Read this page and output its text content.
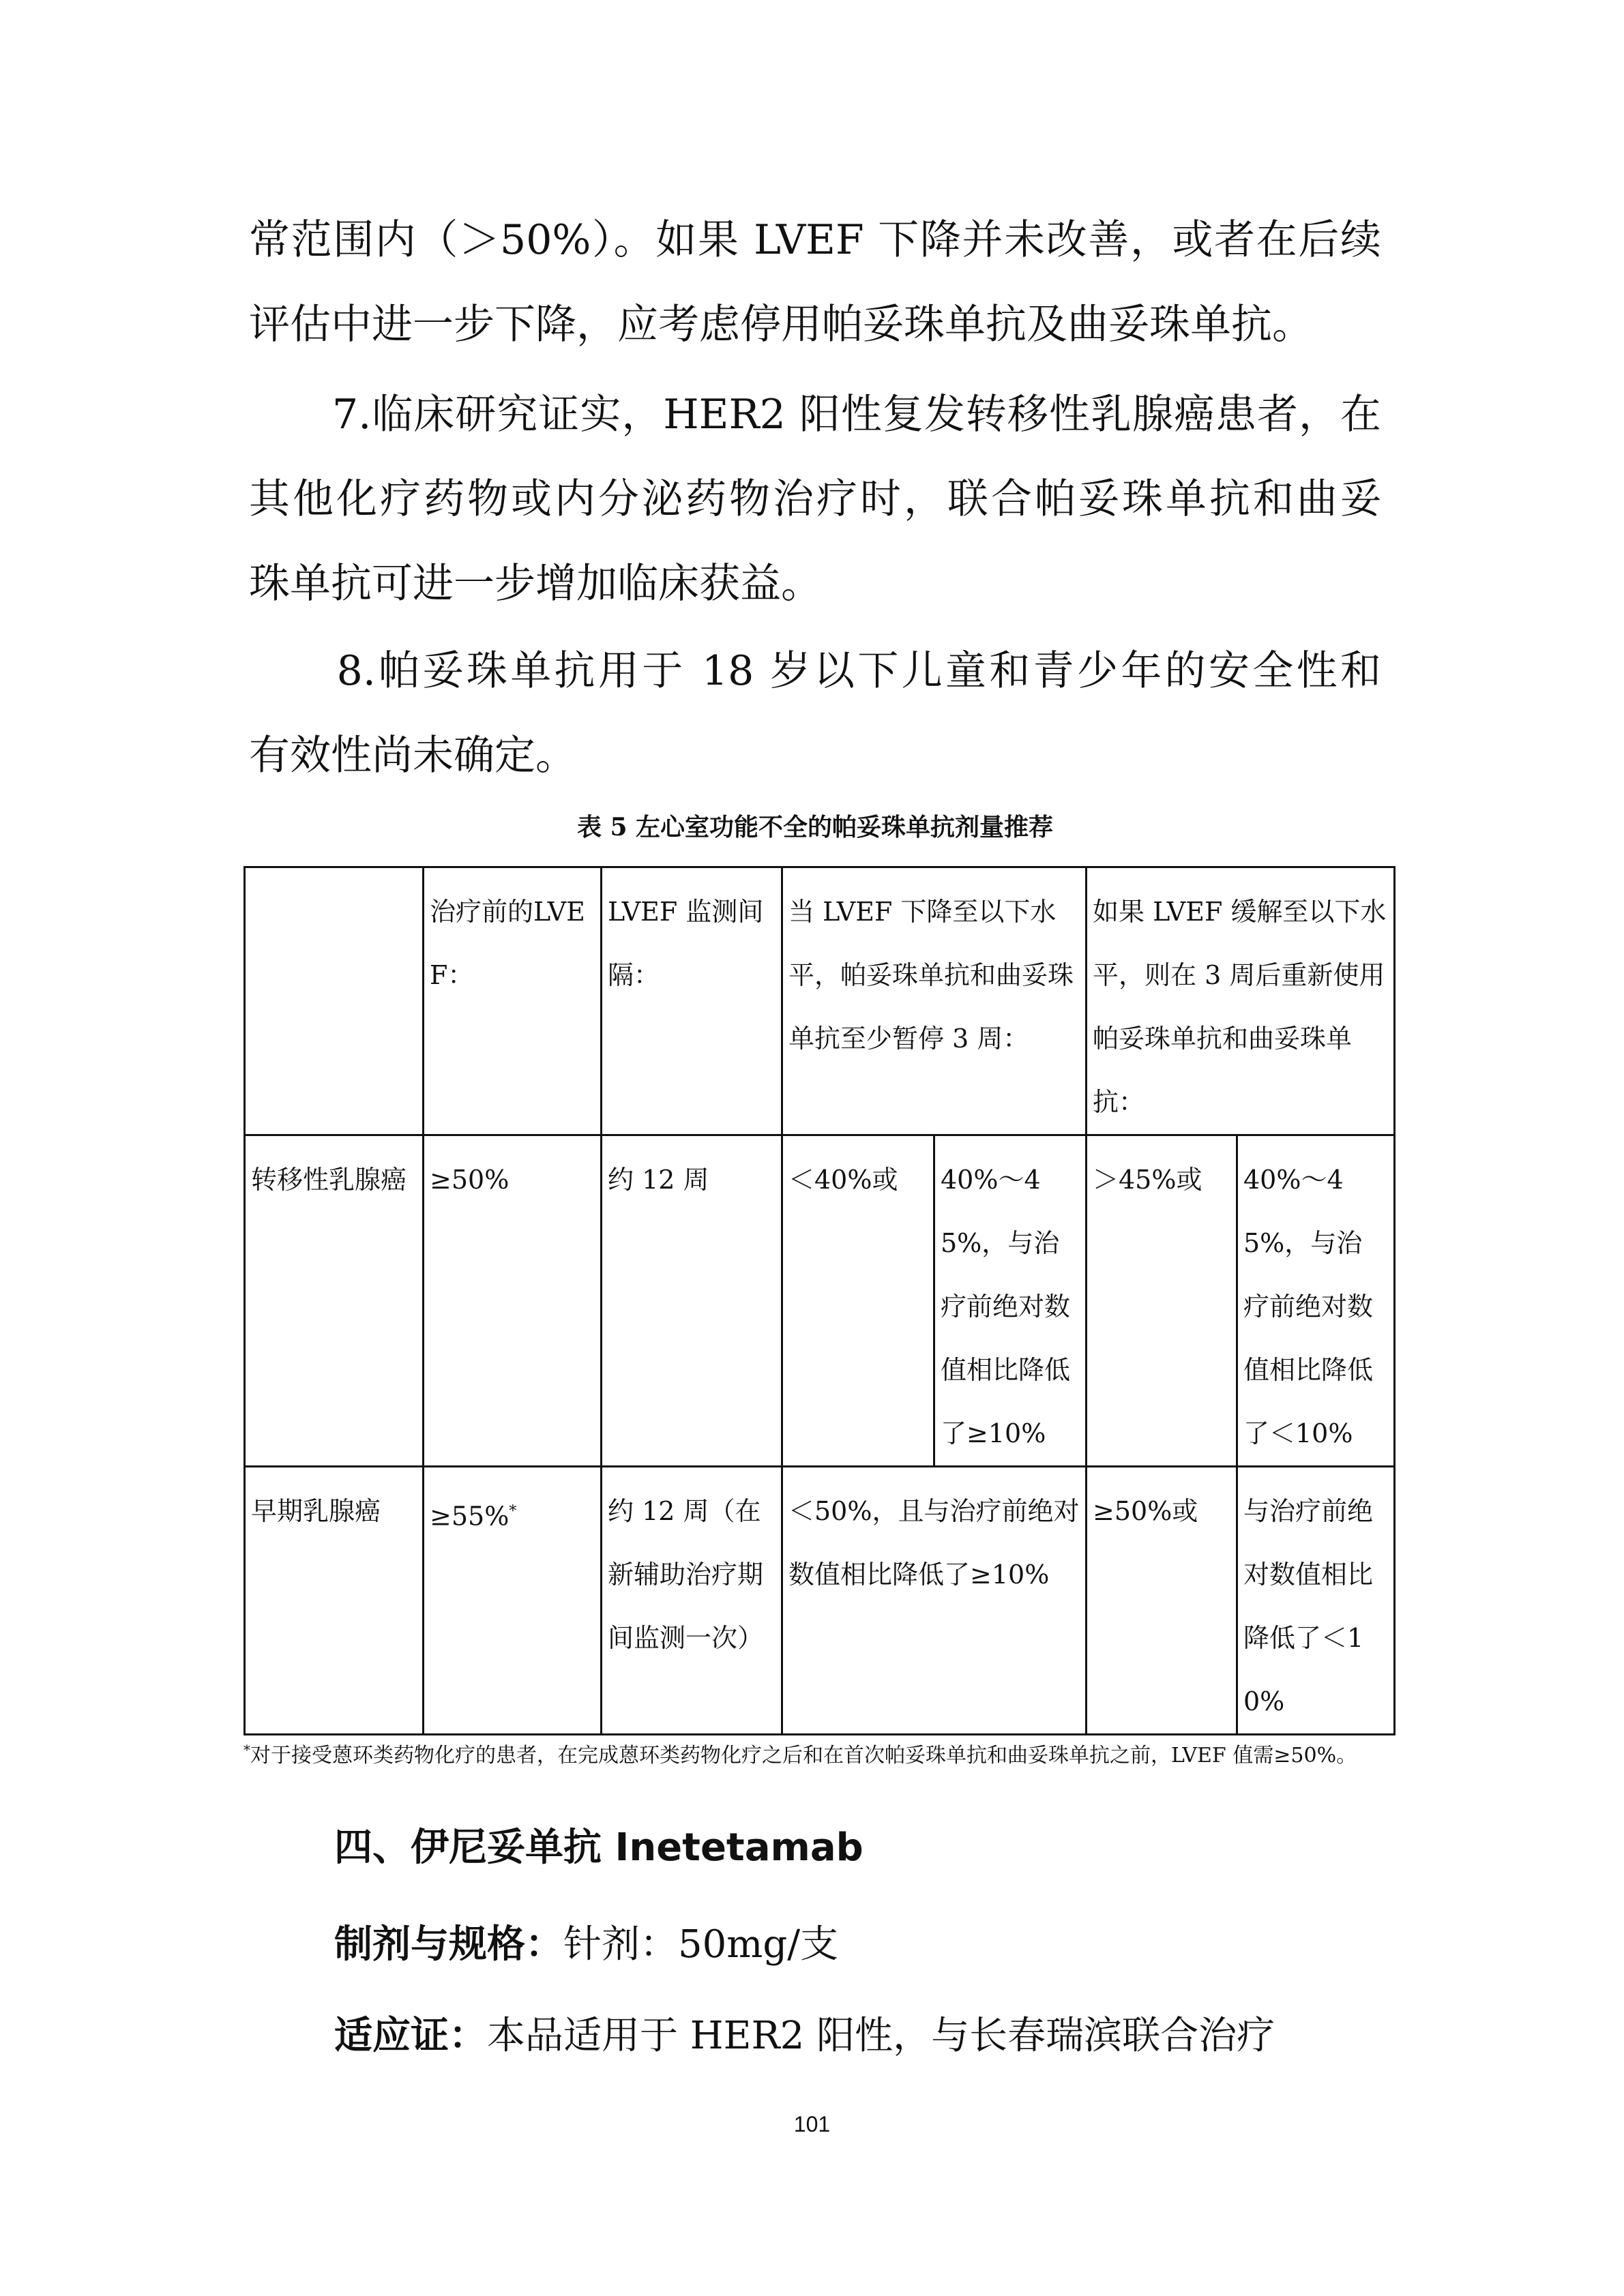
常范围内（＞50%）。如果 LVEF 下降并未改善，或者在后续
评估中进一步下降，应考虑停用帕妥珠单抗及曲妥珠单抗。
　　7.临床研究证实，HER2 阳性复发转移性乳腺癌患者，在
其他化疗药物或内分泌药物治疗时，联合帕妥珠单抗和曲妥
珠单抗可进一步增加临床获益。
　　8.帕妥珠单抗用于 18 岁以下儿童和青少年的安全性和
有效性尚未确定。
表 5 左心室功能不全的帕妥珠单抗剂量推荐
	治疗前的LVEF：	LVEF 监测间隔：	当 LVEF 下降至以下水平，帕妥珠单抗和曲妥珠单抗至少暂停 3 周：		如果 LVEF 缓解至以下水平，则在 3 周后重新使用帕妥珠单抗和曲妥珠单抗：	
转移性乳腺癌	≥50%	约 12 周	＜40%或	40%～45%，与治疗前绝对数值相比降低了≥10%	＞45%或	40%～45%，与治疗前绝对数值相比降低了＜10%
早期乳腺癌	≥55%*	约 12 周（在新辅助治疗期间监测一次）	＜50%，且与治疗前绝对数值相比降低了≥10%		≥50%或	与治疗前绝对数值相比降低了＜10%
*对于接受蒽环类药物化疗的患者，在完成蒽环类药物化疗之后和在首次帕妥珠单抗和曲妥珠单抗之前，LVEF 值需≥50%。
四、伊尼妥单抗 Inetetamab
制剂与规格：针剂：50mg/支
适应证：本品适用于 HER2 阳性，与长春瑞滨联合治疗
101
